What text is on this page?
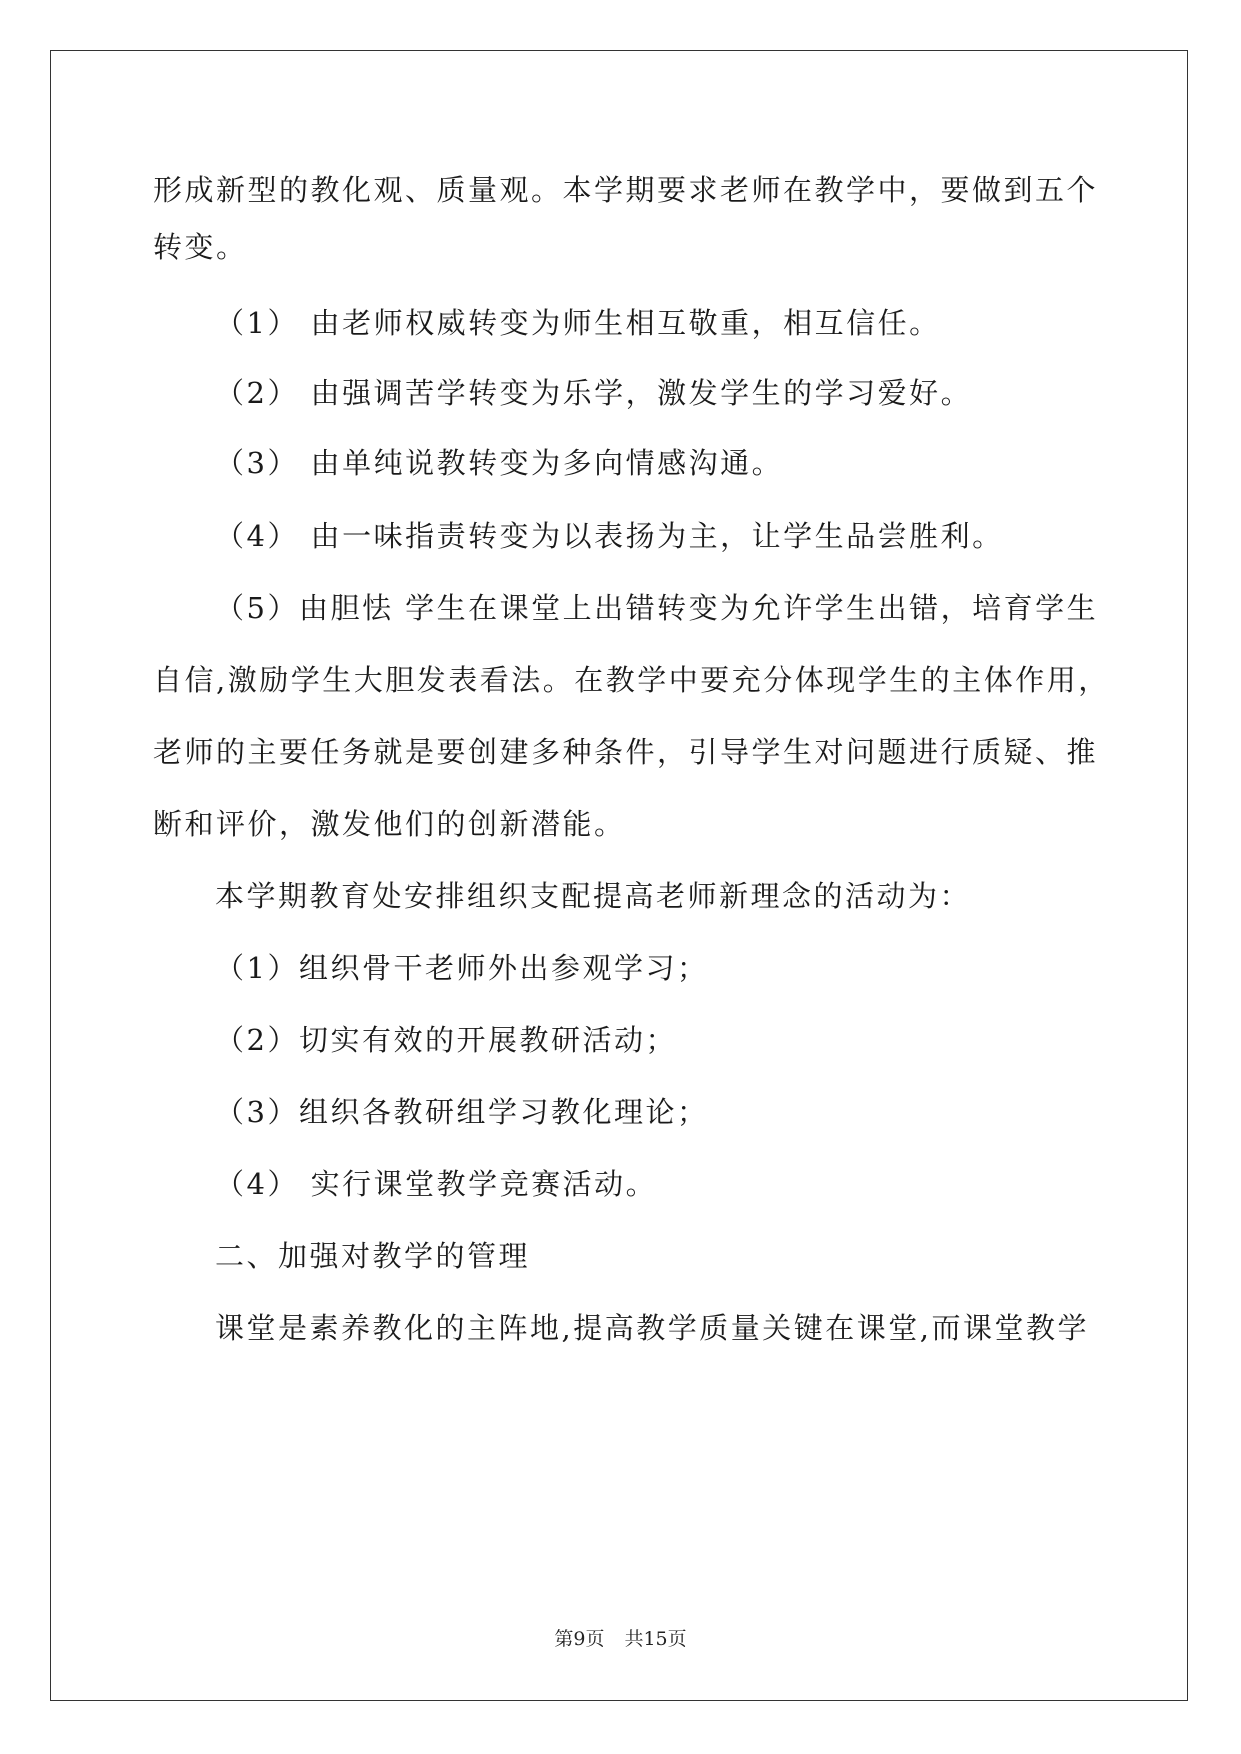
形成新型的教化观、质量观。本学期要求老师在教学中，要做到五个
转变。
（1） 由老师权威转变为师生相互敬重，相互信任。
（2） 由强调苦学转变为乐学，激发学生的学习爱好。
（3） 由单纯说教转变为多向情感沟通。
（4） 由一味指责转变为以表扬为主，让学生品尝胜利。
（5）由胆怯 学生在课堂上出错转变为允许学生出错，培育学生
自信,激励学生大胆发表看法。在教学中要充分体现学生的主体作用，
老师的主要任务就是要创建多种条件，引导学生对问题进行质疑、推
断和评价，激发他们的创新潜能。
本学期教育处安排组织支配提高老师新理念的活动为：
（1）组织骨干老师外出参观学习；
（2）切实有效的开展教研活动；
（3）组织各教研组学习教化理论；
（4） 实行课堂教学竞赛活动。
二、加强对教学的管理
课堂是素养教化的主阵地,提高教学质量关键在课堂,而课堂教学
第9页 共15页
